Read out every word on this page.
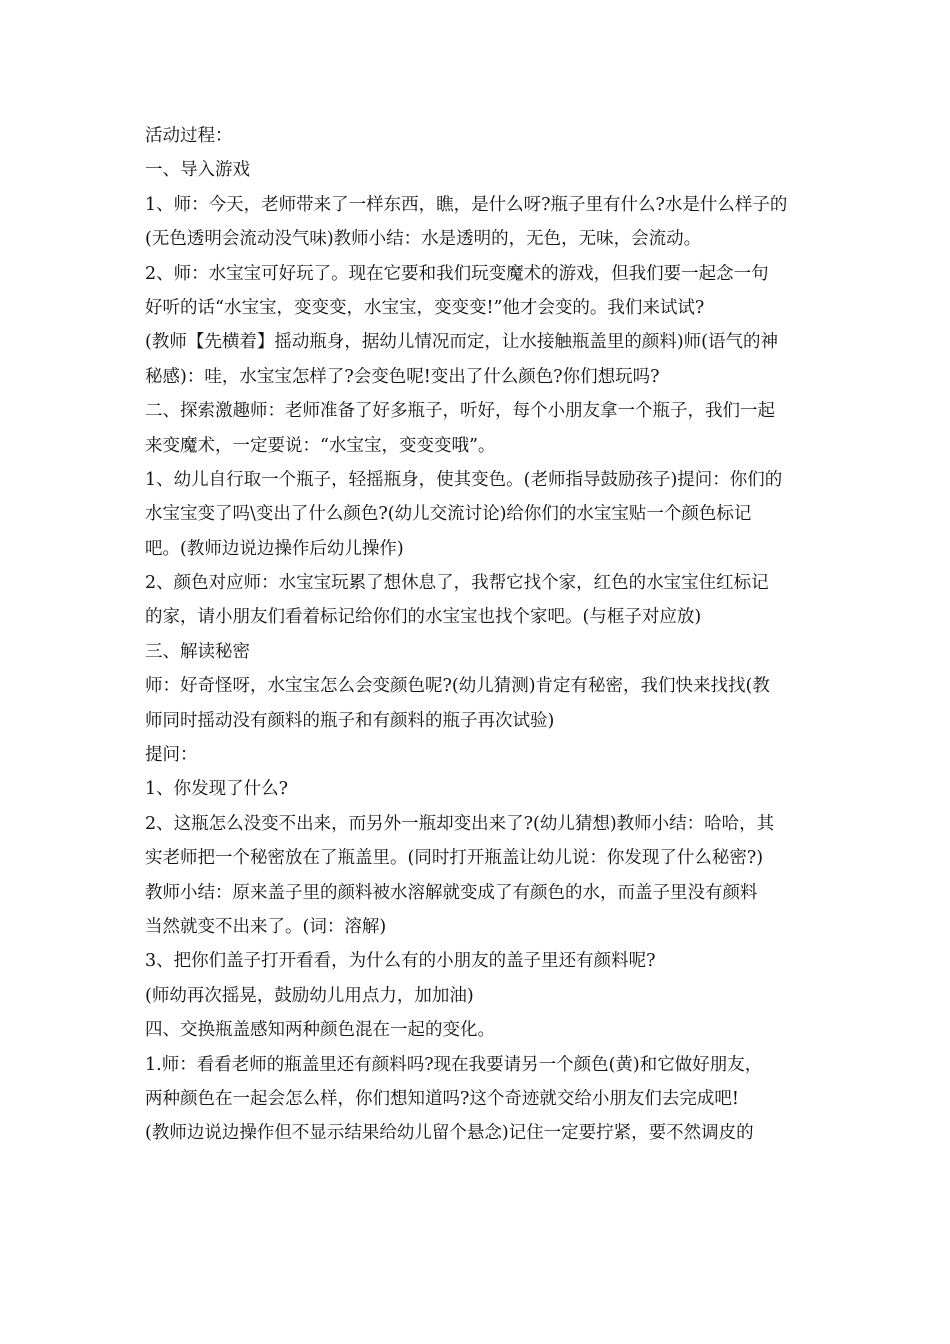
活动过程：
一、导入游戏
1、师：今天，老师带来了一样东西，瞧，是什么呀?瓶子里有什么?水是什么样子的
(无色透明会流动没气味)教师小结：水是透明的，无色，无味，会流动。
2、师：水宝宝可好玩了。现在它要和我们玩变魔术的游戏，但我们要一起念一句
好听的话“水宝宝，变变变，水宝宝，变变变!”他才会变的。我们来试试?
(教师【先横着】摇动瓶身，据幼儿情况而定，让水接触瓶盖里的颜料)师(语气的神
秘感)：哇，水宝宝怎样了?会变色呢!变出了什么颜色?你们想玩吗?
二、探索激趣师：老师准备了好多瓶子，听好，每个小朋友拿一个瓶子，我们一起
来变魔术，一定要说：“水宝宝，变变变哦”。
1、幼儿自行取一个瓶子，轻摇瓶身，使其变色。(老师指导鼓励孩子)提问：你们的
水宝宝变了吗\变出了什么颜色?(幼儿交流讨论)给你们的水宝宝贴一个颜色标记
吧。(教师边说边操作后幼儿操作)
2、颜色对应师：水宝宝玩累了想休息了，我帮它找个家，红色的水宝宝住红标记
的家，请小朋友们看着标记给你们的水宝宝也找个家吧。(与框子对应放)
三、解读秘密
师：好奇怪呀，水宝宝怎么会变颜色呢?(幼儿猜测)肯定有秘密，我们快来找找(教
师同时摇动没有颜料的瓶子和有颜料的瓶子再次试验)
提问：
1、你发现了什么?
2、这瓶怎么没变不出来，而另外一瓶却变出来了?(幼儿猜想)教师小结：哈哈，其
实老师把一个秘密放在了瓶盖里。(同时打开瓶盖让幼儿说：你发现了什么秘密?)
教师小结：原来盖子里的颜料被水溶解就变成了有颜色的水，而盖子里没有颜料
当然就变不出来了。(词：溶解)
3、把你们盖子打开看看，为什么有的小朋友的盖子里还有颜料呢?
(师幼再次摇晃，鼓励幼儿用点力，加加油)
四、交换瓶盖感知两种颜色混在一起的变化。
1.师：看看老师的瓶盖里还有颜料吗?现在我要请另一个颜色(黄)和它做好朋友，
两种颜色在一起会怎么样，你们想知道吗?这个奇迹就交给小朋友们去完成吧!
(教师边说边操作但不显示结果给幼儿留个悬念)记住一定要拧紧，要不然调皮的
